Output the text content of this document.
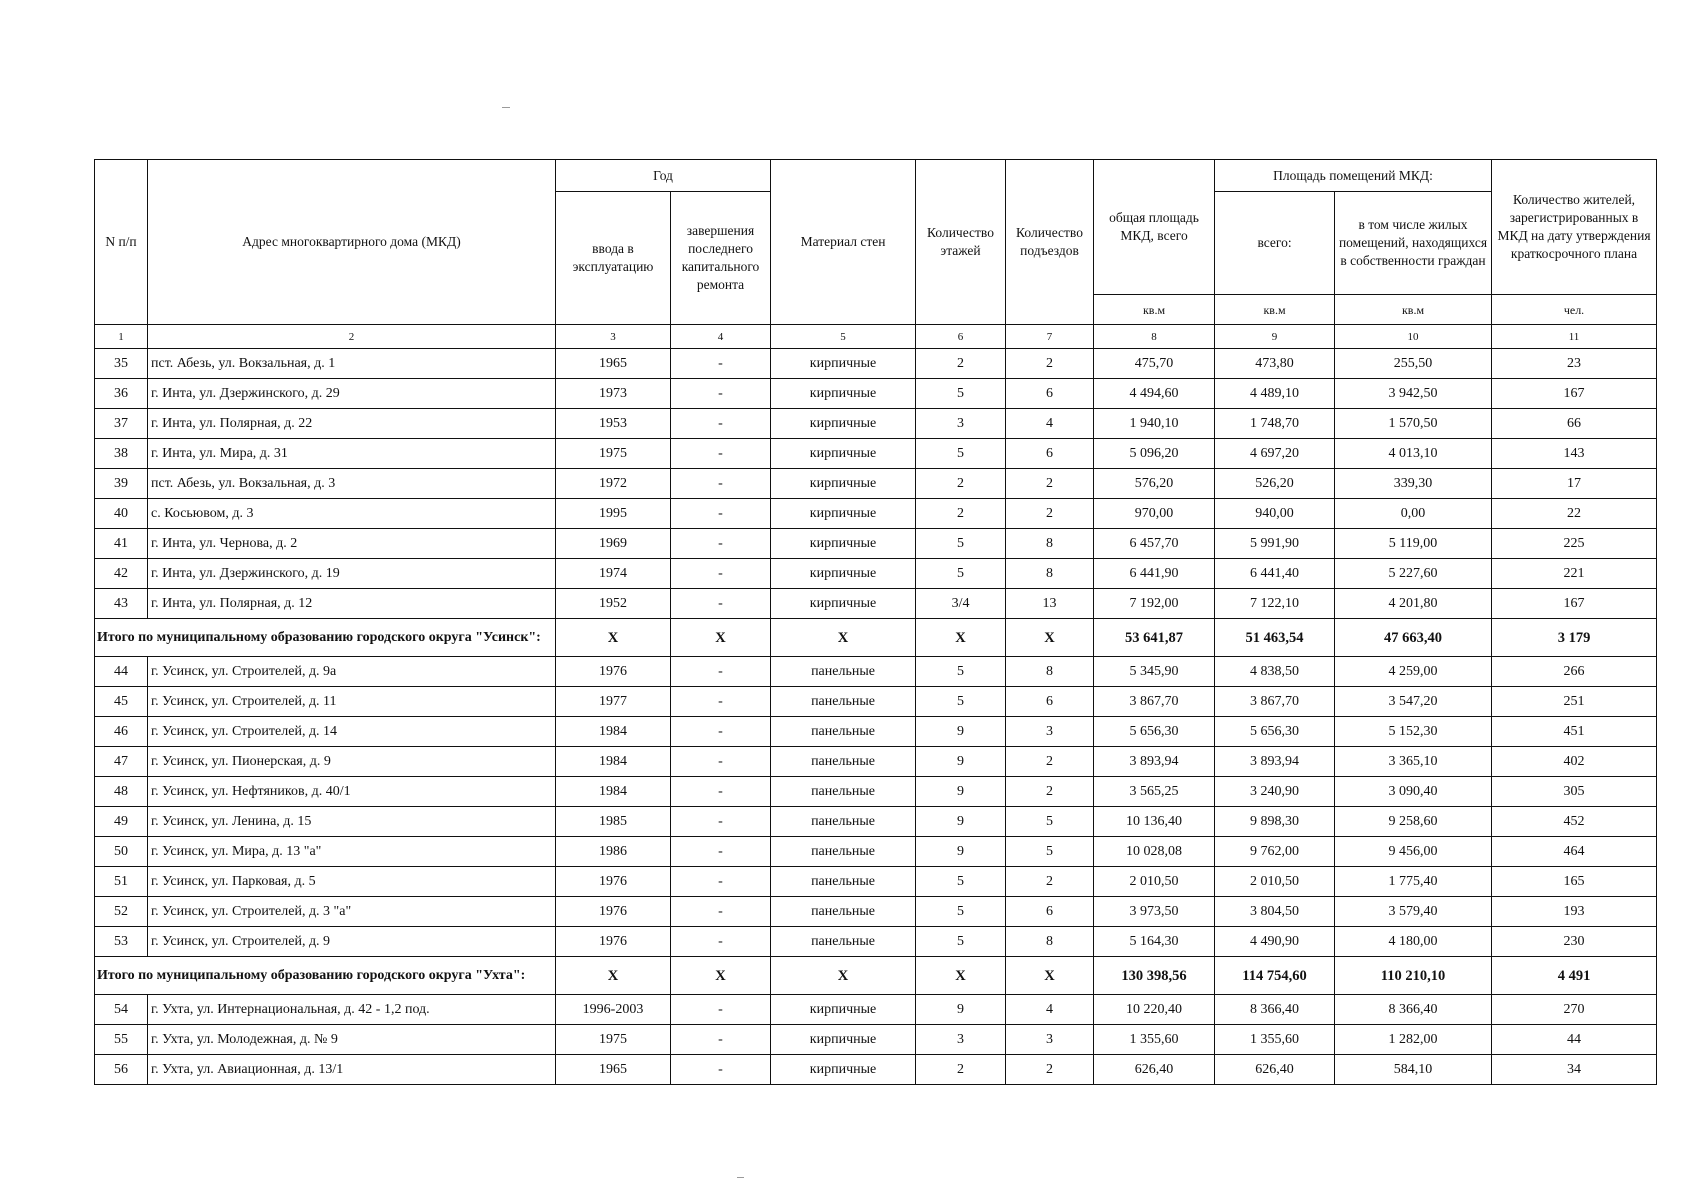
N п/п	Адрес многоквартирного дома (МКД)	Год		Материал стен	Количество этажей	Количество подъездов	общая площадь МКД, всего	Площадь помещений МКД:		Количество жителей, зарегистрированных в МКД на дату утверждения краткосрочного плана
		ввода в эксплуатацию	завершения последнего капитального ремонта					всего:	в том числе жилых помещений, находящихся в собственности граждан	
							кв.м	кв.м	кв.м	чел.
1	2	3	4	5	6	7	8	9	10	11
35	пст. Абезь, ул. Вокзальная, д. 1	1965	-	кирпичные	2	2	475,70	473,80	255,50	23
36	г. Инта, ул. Дзержинского, д. 29	1973	-	кирпичные	5	6	4 494,60	4 489,10	3 942,50	167
37	г. Инта, ул. Полярная, д. 22	1953	-	кирпичные	3	4	1 940,10	1 748,70	1 570,50	66
38	г. Инта, ул. Мира, д. 31	1975	-	кирпичные	5	6	5 096,20	4 697,20	4 013,10	143
39	пст. Абезь, ул. Вокзальная, д. 3	1972	-	кирпичные	2	2	576,20	526,20	339,30	17
40	с. Косьювом, д. 3	1995	-	кирпичные	2	2	970,00	940,00	0,00	22
41	г. Инта, ул. Чернова, д. 2	1969	-	кирпичные	5	8	6 457,70	5 991,90	5 119,00	225
42	г. Инта, ул. Дзержинского, д. 19	1974	-	кирпичные	5	8	6 441,90	6 441,40	5 227,60	221
43	г. Инта, ул. Полярная, д. 12	1952	-	кирпичные	3/4	13	7 192,00	7 122,10	4 201,80	167
Итого по муниципальному образованию городского округа "Усинск":		X	X	X	X	X	53 641,87	51 463,54	47 663,40	3 179
44	г. Усинск, ул. Строителей, д. 9а	1976	-	панельные	5	8	5 345,90	4 838,50	4 259,00	266
45	г. Усинск, ул. Строителей, д. 11	1977	-	панельные	5	6	3 867,70	3 867,70	3 547,20	251
46	г. Усинск, ул. Строителей, д. 14	1984	-	панельные	9	3	5 656,30	5 656,30	5 152,30	451
47	г. Усинск, ул. Пионерская, д. 9	1984	-	панельные	9	2	3 893,94	3 893,94	3 365,10	402
48	г. Усинск, ул. Нефтяников, д. 40/1	1984	-	панельные	9	2	3 565,25	3 240,90	3 090,40	305
49	г. Усинск, ул. Ленина, д. 15	1985	-	панельные	9	5	10 136,40	9 898,30	9 258,60	452
50	г. Усинск, ул. Мира, д. 13 "а"	1986	-	панельные	9	5	10 028,08	9 762,00	9 456,00	464
51	г. Усинск, ул. Парковая, д. 5	1976	-	панельные	5	2	2 010,50	2 010,50	1 775,40	165
52	г. Усинск, ул. Строителей, д. 3 "а"	1976	-	панельные	5	6	3 973,50	3 804,50	3 579,40	193
53	г. Усинск, ул. Строителей, д. 9	1976	-	панельные	5	8	5 164,30	4 490,90	4 180,00	230
Итого по муниципальному образованию городского округа "Ухта":		X	X	X	X	X	130 398,56	114 754,60	110 210,10	4 491
54	г. Ухта, ул. Интернациональная, д. 42 - 1,2 под.	1996-2003	-	кирпичные	9	4	10 220,40	8 366,40	8 366,40	270
55	г. Ухта, ул. Молодежная, д. № 9	1975	-	кирпичные	3	3	1 355,60	1 355,60	1 282,00	44
56	г. Ухта, ул. Авиационная, д. 13/1	1965	-	кирпичные	2	2	626,40	626,40	584,10	34
